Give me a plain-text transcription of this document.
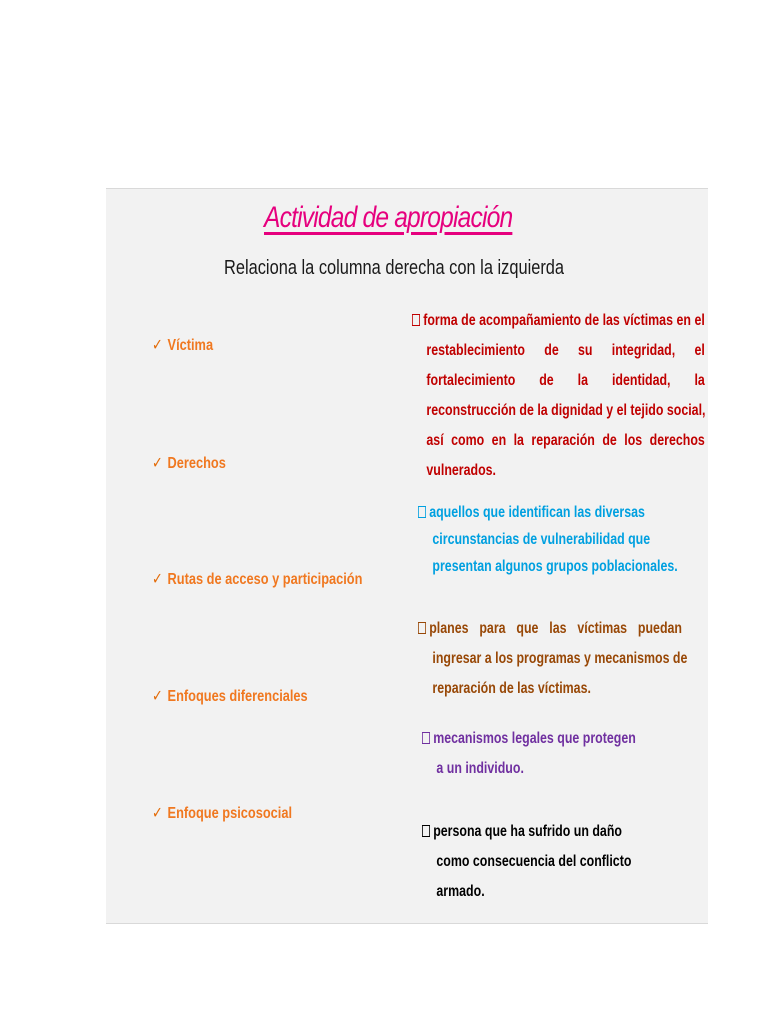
Actividad de apropiación
Relaciona la columna derecha con la izquierda
✓ Víctima
✓ Derechos
✓ Rutas de acceso y participación
✓ Enfoques diferenciales
✓ Enfoque psicosocial
forma de acompañamiento de las víctimas en el
restablecimiento de su integridad, el
fortalecimiento de la identidad, la
reconstrucción de la dignidad y el tejido social,
así como en la reparación de los derechos
vulnerados.
aquellos que identifican las diversas
circunstancias de vulnerabilidad que
presentan algunos grupos poblacionales.
planes para que las víctimas puedan
ingresar a los programas y mecanismos de
reparación de las víctimas.
mecanismos legales que protegen
a un individuo.
persona que ha sufrido un daño
como consecuencia del conflicto
armado.
